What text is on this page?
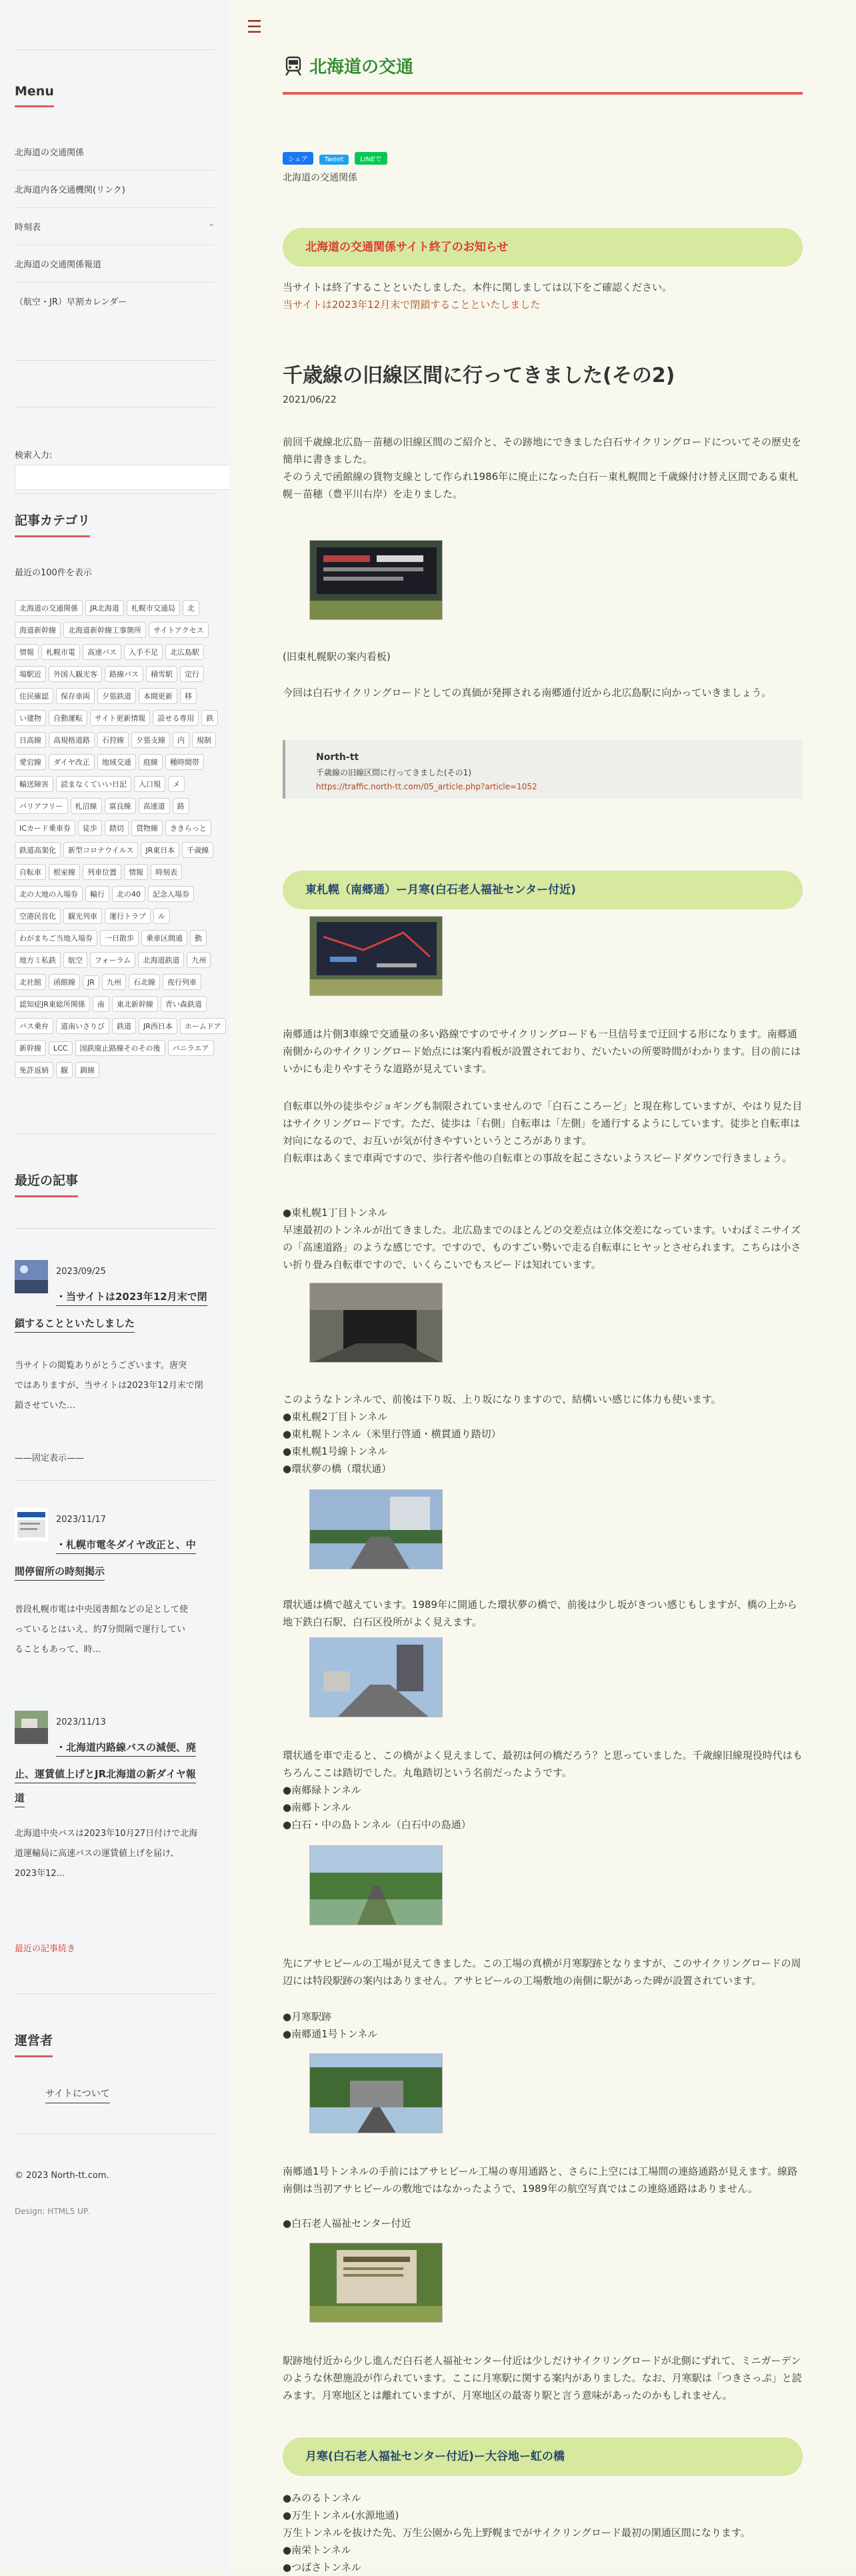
Menu
北海道の交通関係
北海道内各交通機関(リンク)
時刻表	⌄
北海道の交通関係報道
（航空・JR）早割カレンダー
検索入力:
記事カテゴリ
最近の100件を表示
北海道の交通関係 JR北海道 札幌市交通局 北海道新幹線 北海道新幹線工事箇所 サイトアクセス情報 札幌市電 高速バス 入手不足 北広島駅場駅近 外国人観光客 路線バス 積雪駅 定行住民確認 保存車両 夕張鉄道 本間更新 移い建物 自動運転 サイト更新情報 設せる専用 鉄日高線 高規格道路 石狩線 夕張支線 内 規制愛宕線 ダイヤ改正 地域交通 庭線 種時間帯輸送障害 読まなくていい日記 入口規 メバリアフリー 札沼線 富良線 高速道 路ICカード乗車券 徒歩 踏切 貨物線 ききらっと鉄道高架化 新型コロナウイルス JR東日本 千歳線自転車 根室線 列車位置 情報 時刻表北の大地の入場券 輸行 北の40 記念入場券空港民営化 観光列車 運行トラブ ルわがまちご当地入場券 一日散歩 乗車区間通 動地方ミ私鉄 航空 フォーラム 北海道鉄道 九州北社館 函館線 JR 九州 石北線 夜行列車認知症JR東総所関係 南 東北新幹線 青い森鉄道バス乗弁 道南いさりび 鉄道 JR西日本 ホームドア新幹線 LCC 国鉄廃止路線そのその後 パニラエア免許返納 観 釧線
最近の記事
2023/09/25
・当サイトは2023年12月末で閉
鎖することといたしました
当サイトの閲覧ありがとうございます。唐突
ではありますが、当サイトは2023年12月末で閉
鎖させていた…
——固定表示——
2023/11/17
・札幌市電冬ダイヤ改正と、中
間停留所の時刻掲示
普段札幌市電は中央図書館などの足として使
っているとはいえ、約7分間隔で運行してい
ることもあって、時…
2023/11/13
・北海道内路線バスの減便、廃
止、運賃値上げとJR北海道の新ダイヤ報
道
北海道中央バスは2023年10月27日付けで北海
道運輸局に高速バスの運賃値上げを届け、
2023年12…
最近の記事続き
運営者
サイトについて
© 2023 North-tt.com.
Design: HTML5 UP.
☰
北海道の交通
シェア Tweet LINEで
北海道の交通関係
北海道の交通関係サイト終了のお知らせ
当サイトは終了することといたしました。本件に関しましては以下をご確認ください。
当サイトは2023年12月末で閉鎖することといたしました
千歳線の旧線区間に行ってきました(その2)
2021/06/22
前回千歳線北広島－苗穂の旧線区間のご紹介と、その跡地にできました白石サイクリングロードについてその歴史を簡単に書きました。
そのうえで函館線の貨物支線として作られ1986年に廃止になった白石－東札幌間と千歳線付け替え区間である東札幌－苗穂（豊平川右岸）を走りました。
(旧東札幌駅の案内看板)
今回は白石サイクリングロードとしての真価が発揮される南郷通付近から北広島駅に向かっていきましょう。
North-tt
千歳線の旧線区間に行ってきました(その1)
https://traffic.north-tt.com/05_article.php?article=1052
東札幌（南郷通）ー月寒(白石老人福祉センター付近)
南郷通は片側3車線で交通量の多い路線ですのでサイクリングロードも一旦信号まで迂回する形になります。南郷通南側からのサイクリングロード始点には案内看板が設置されており、だいたいの所要時間がわかります。目の前にはいかにも走りやすそうな道路が見えています。
自転車以外の徒歩やジョギングも制限されていませんので「白石こころーど」と現在称していますが、やはり見た目はサイクリングロードです。ただ、徒歩は「右側」自転車は「左側」を通行するようにしています。徒歩と自転車は対向になるので、お互いが気が付きやすいというところがあります。
自転車はあくまで車両ですので、歩行者や他の自転車との事故を起こさないようスピードダウンで行きましょう。
●東札幌1丁目トンネル
早速最初のトンネルが出てきました。北広島までのほとんどの交差点は立体交差になっています。いわばミニサイズの「高速道路」のような感じです。ですので、ものすごい勢いで走る自転車にヒヤッとさせられます。こちらは小さい折り畳み自転車ですので、いくらこいでもスピードは知れています。
このようなトンネルで、前後は下り坂、上り坂になりますので、結構いい感じに体力も使います。
●東札幌2丁目トンネル
●東札幌トンネル（米里行啓通・横貫通り踏切）
●東札幌1号線トンネル
●環状夢の橋（環状通）
環状通は橋で越えています。1989年に開通した環状夢の橋で、前後は少し坂がきつい感じもしますが、橋の上から地下鉄白石駅、白石区役所がよく見えます。
環状通を車で走ると、この橋がよく見えまして、最初は何の橋だろう？と思っていました。千歳線旧線現役時代はもちろんここは踏切でした。丸亀踏切という名前だったようです。
●南郷緑トンネル
●南郷トンネル
●白石・中の島トンネル（白石中の島通）
先にアサヒビールの工場が見えてきました。この工場の真横が月寒駅跡となりますが、このサイクリングロードの周辺には特段駅跡の案内はありません。アサヒビールの工場敷地の南側に駅があった碑が設置されています。
●月寒駅跡
●南郷通1号トンネル
南郷通1号トンネルの手前にはアサヒビール工場の専用通路と、さらに上空には工場間の連絡通路が見えます。線路南側は当初アサヒビールの敷地ではなかったようで、1989年の航空写真ではこの連絡通路はありません。
●白石老人福祉センター付近
駅跡地付近から少し進んだ白石老人福祉センター付近は少しだけサイクリングロードが北側にずれて、ミニガーデンのような休憩施設が作られています。ここに月寒駅に関する案内がありました。なお、月寒駅は「つきさっぷ」と読みます。月寒地区とは離れていますが、月寒地区の最寄り駅と言う意味があったのかもしれません。
月寒(白石老人福祉センター付近)ー大谷地ー虹の橋
●みのるトンネル
●万生トンネル(水源地通)
万生トンネルを抜けた先、万生公園から先上野幌までがサイクリングロード最初の閑通区間になります。
●南栄トンネル
●つばさトンネル
